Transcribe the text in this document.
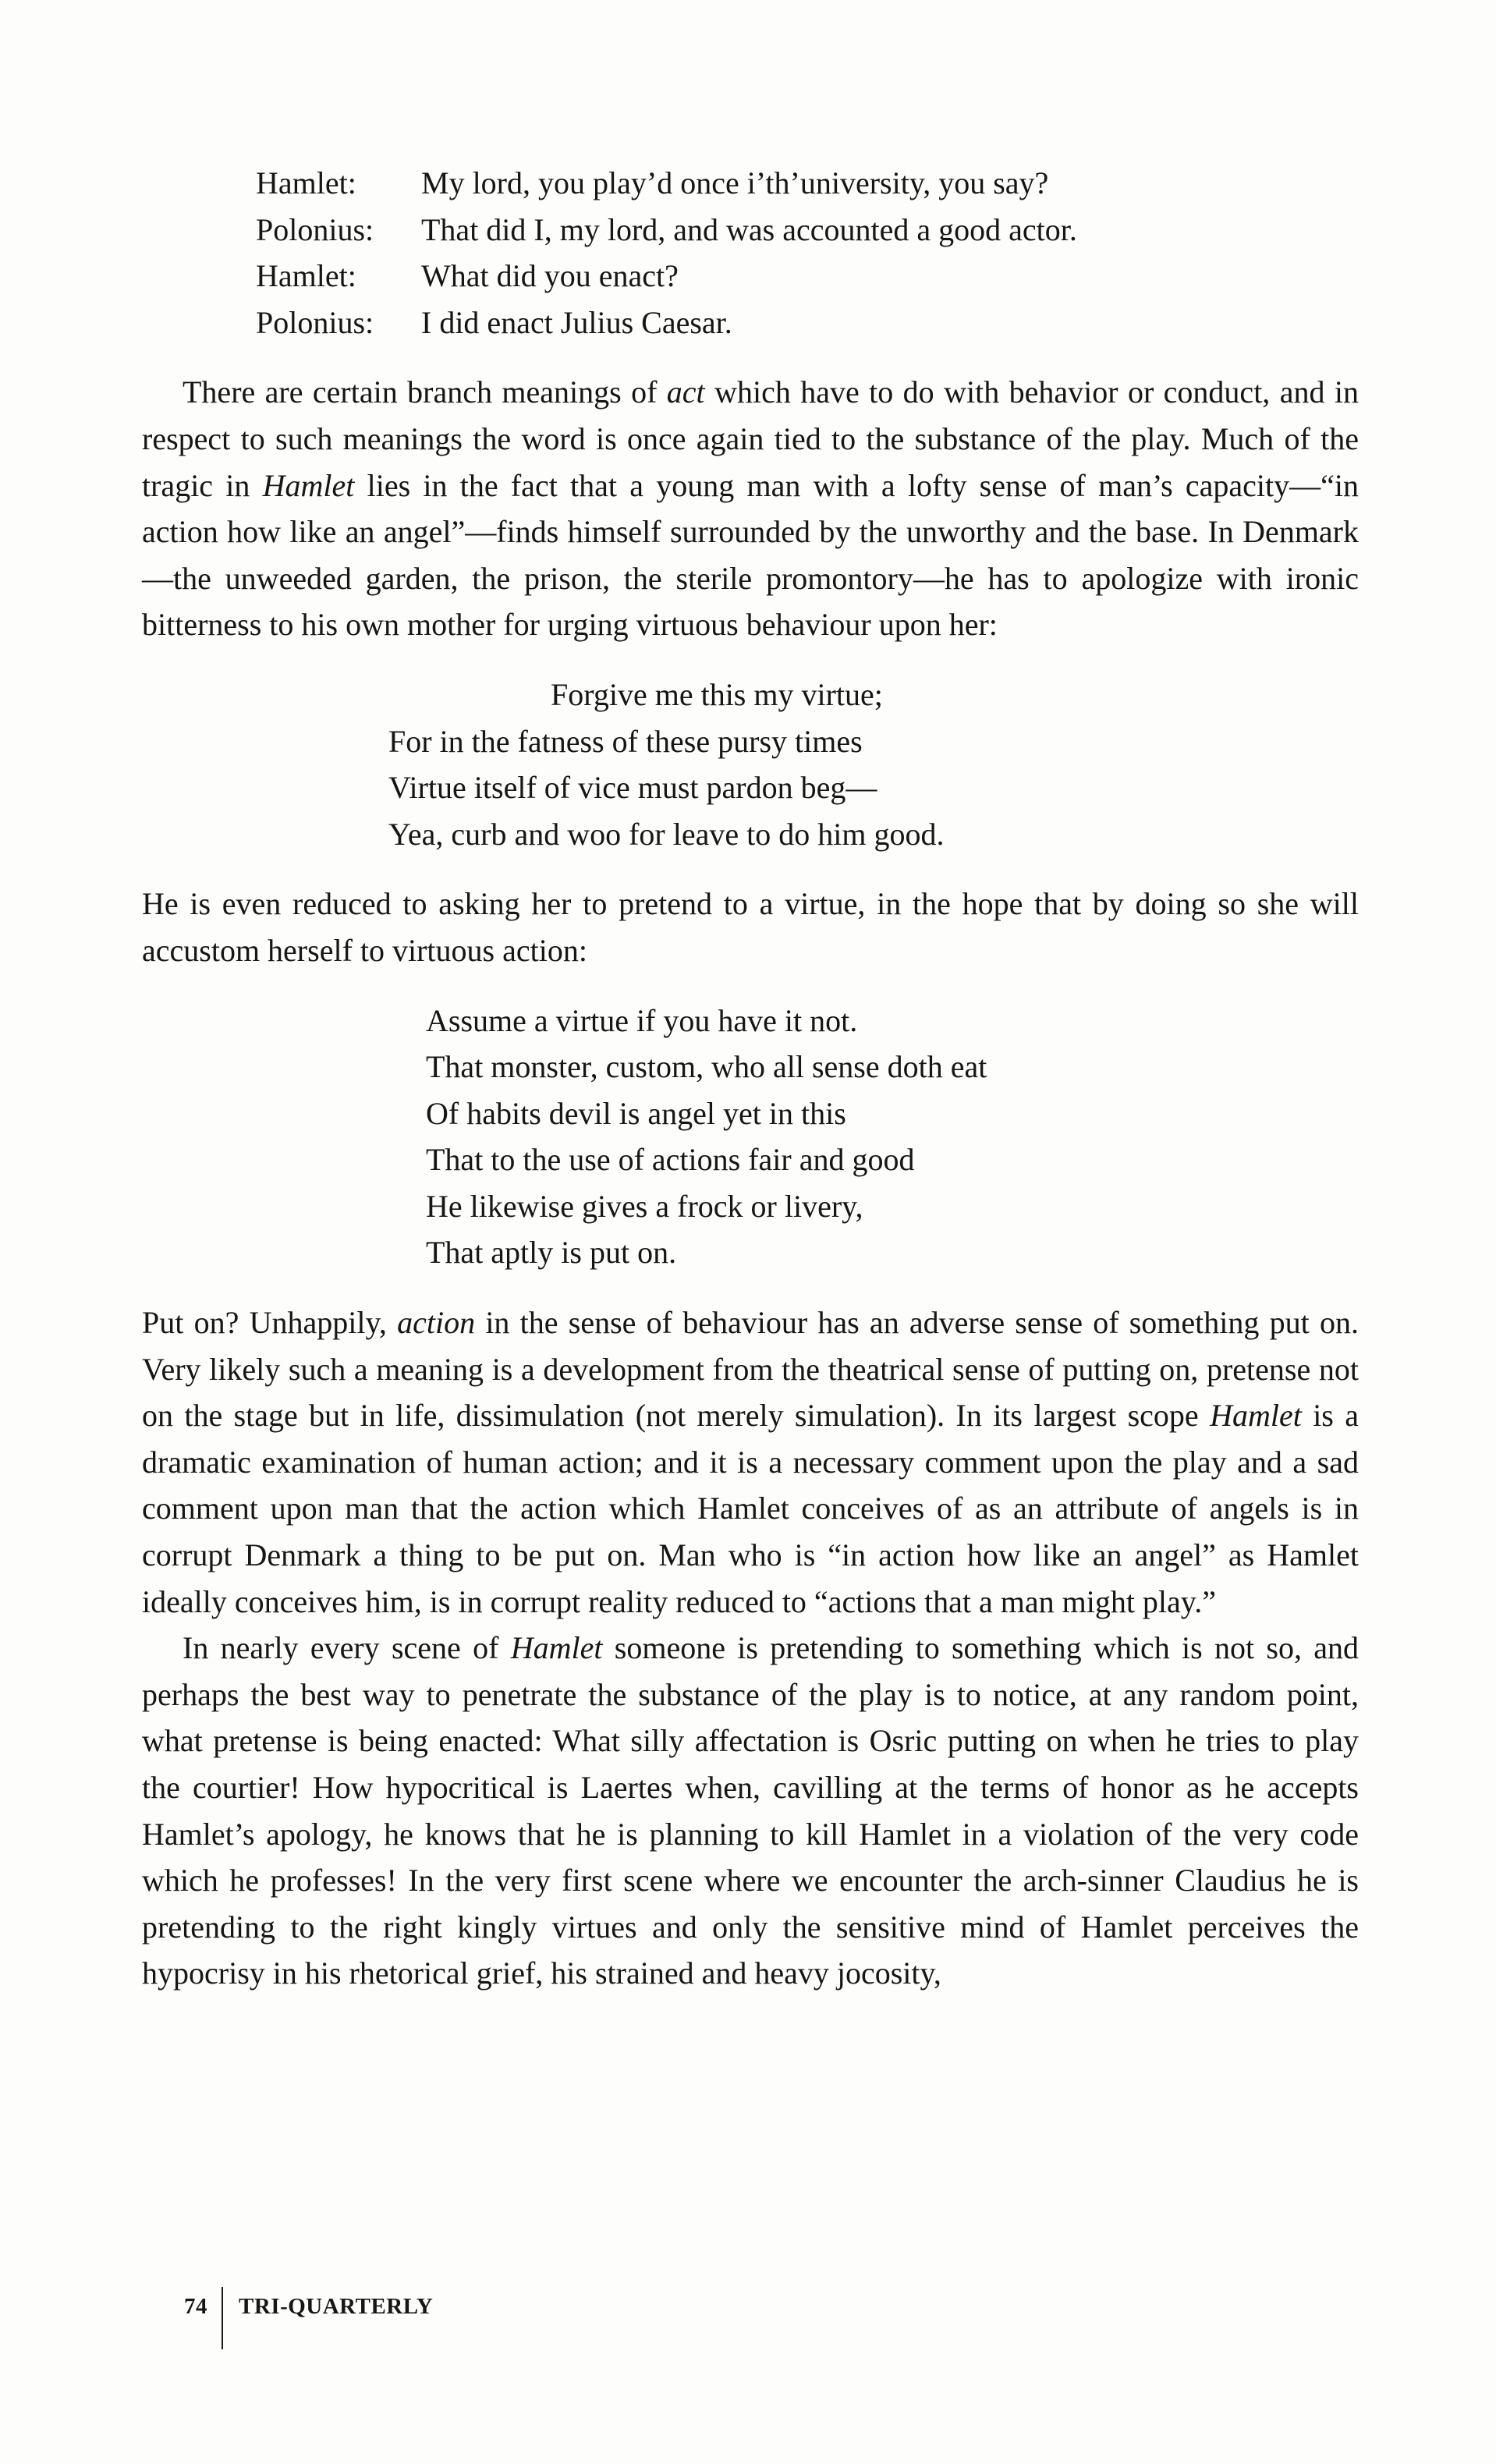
Hamlet:	My lord, you play’d once i’th’university, you say?
Polonius:	That did I, my lord, and was accounted a good actor.
Hamlet:	What did you enact?
Polonius:	I did enact Julius Caesar.

There are certain branch meanings of act which have to do with behavior or conduct, and in respect to such meanings the word is once again tied to the substance of the play. Much of the tragic in Hamlet lies in the fact that a young man with a lofty sense of man’s capacity—“in action how like an angel”—finds himself surrounded by the unworthy and the base. In Denmark—the unweeded garden, the prison, the sterile promontory—he has to apologize with ironic bitterness to his own mother for urging virtuous behaviour upon her:

Forgive me this my virtue;
For in the fatness of these pursy times
Virtue itself of vice must pardon beg—
Yea, curb and woo for leave to do him good.

He is even reduced to asking her to pretend to a virtue, in the hope that by doing so she will accustom herself to virtuous action:

Assume a virtue if you have it not.
That monster, custom, who all sense doth eat
Of habits devil is angel yet in this
That to the use of actions fair and good
He likewise gives a frock or livery,
That aptly is put on.

Put on? Unhappily, action in the sense of behaviour has an adverse sense of something put on. Very likely such a meaning is a development from the theatrical sense of putting on, pretense not on the stage but in life, dissimulation (not merely simulation). In its largest scope Hamlet is a dramatic examination of human action; and it is a necessary comment upon the play and a sad comment upon man that the action which Hamlet conceives of as an attribute of angels is in corrupt Denmark a thing to be put on. Man who is “in action how like an angel” as Hamlet ideally conceives him, is in corrupt reality reduced to “actions that a man might play.”

In nearly every scene of Hamlet someone is pretending to something which is not so, and perhaps the best way to penetrate the substance of the play is to notice, at any random point, what pretense is being enacted: What silly affectation is Osric putting on when he tries to play the courtier! How hypocritical is Laertes when, cavilling at the terms of honor as he accepts Hamlet’s apology, he knows that he is planning to kill Hamlet in a violation of the very code which he professes! In the very first scene where we encounter the arch-sinner Claudius he is pretending to the right kingly virtues and only the sensitive mind of Hamlet perceives the hypocrisy in his rhetorical grief, his strained and heavy jocosity,

74	TRI-QUARTERLY
